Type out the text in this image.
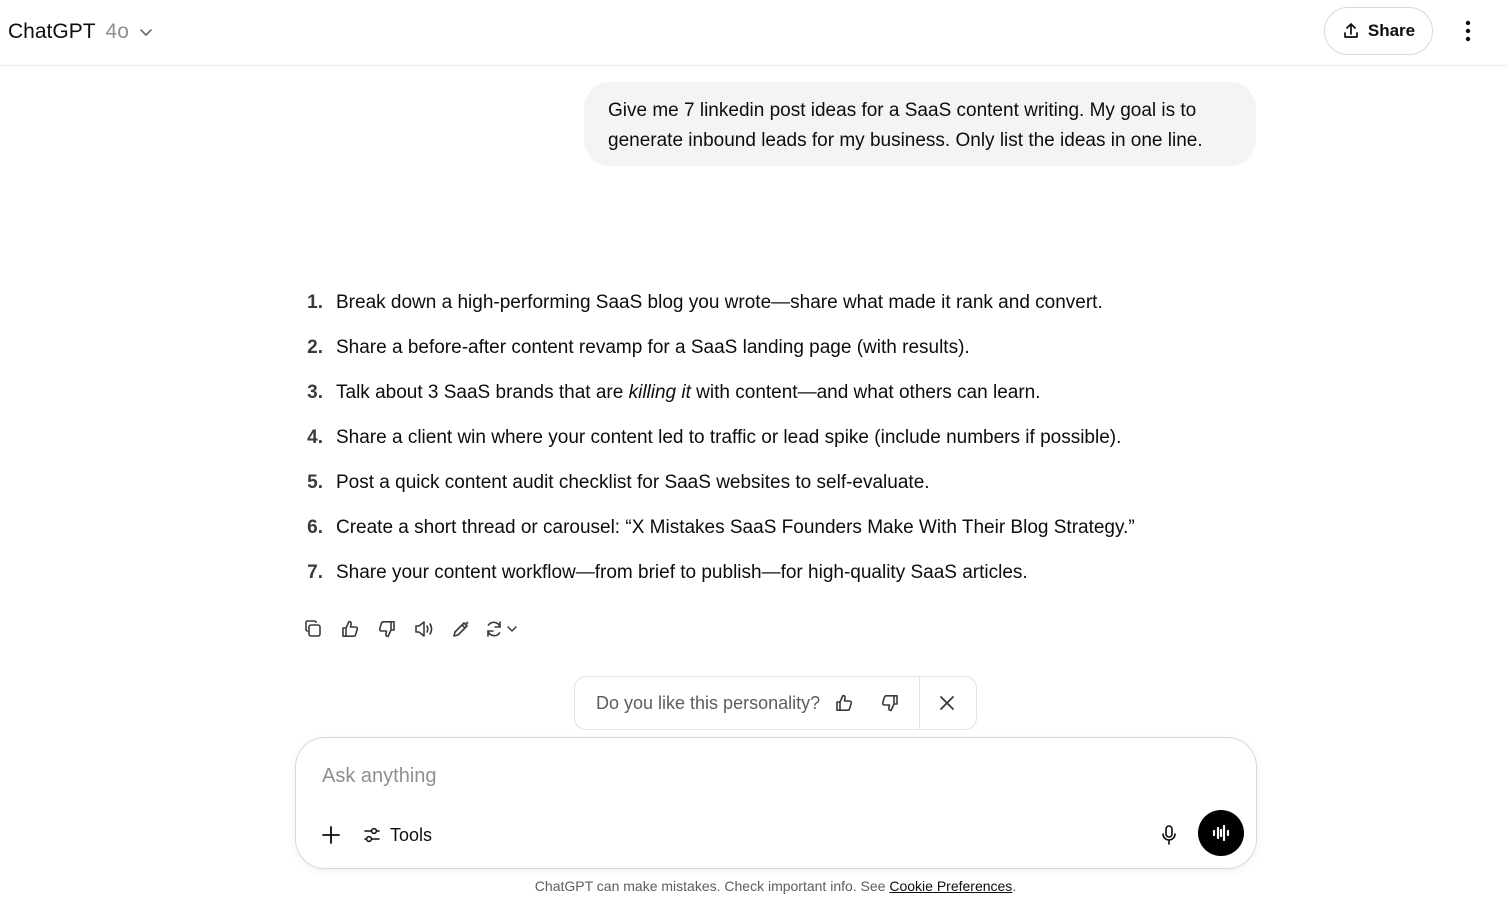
ChatGPT 4o	Share
Give me 7 linkedin post ideas for a SaaS content writing. My goal is to generate inbound leads for my business. Only list the ideas in one line.
1. Break down a high-performing SaaS blog you wrote—share what made it rank and convert.
2. Share a before-after content revamp for a SaaS landing page (with results).
3. Talk about 3 SaaS brands that are killing it with content—and what others can learn.
4. Share a client win where your content led to traffic or lead spike (include numbers if possible).
5. Post a quick content audit checklist for SaaS websites to self-evaluate.
6. Create a short thread or carousel: “X Mistakes SaaS Founders Make With Their Blog Strategy.”
7. Share your content workflow—from brief to publish—for high-quality SaaS articles.
Do you like this personality?
Ask anything
Tools
ChatGPT can make mistakes. Check important info. See Cookie Preferences.
